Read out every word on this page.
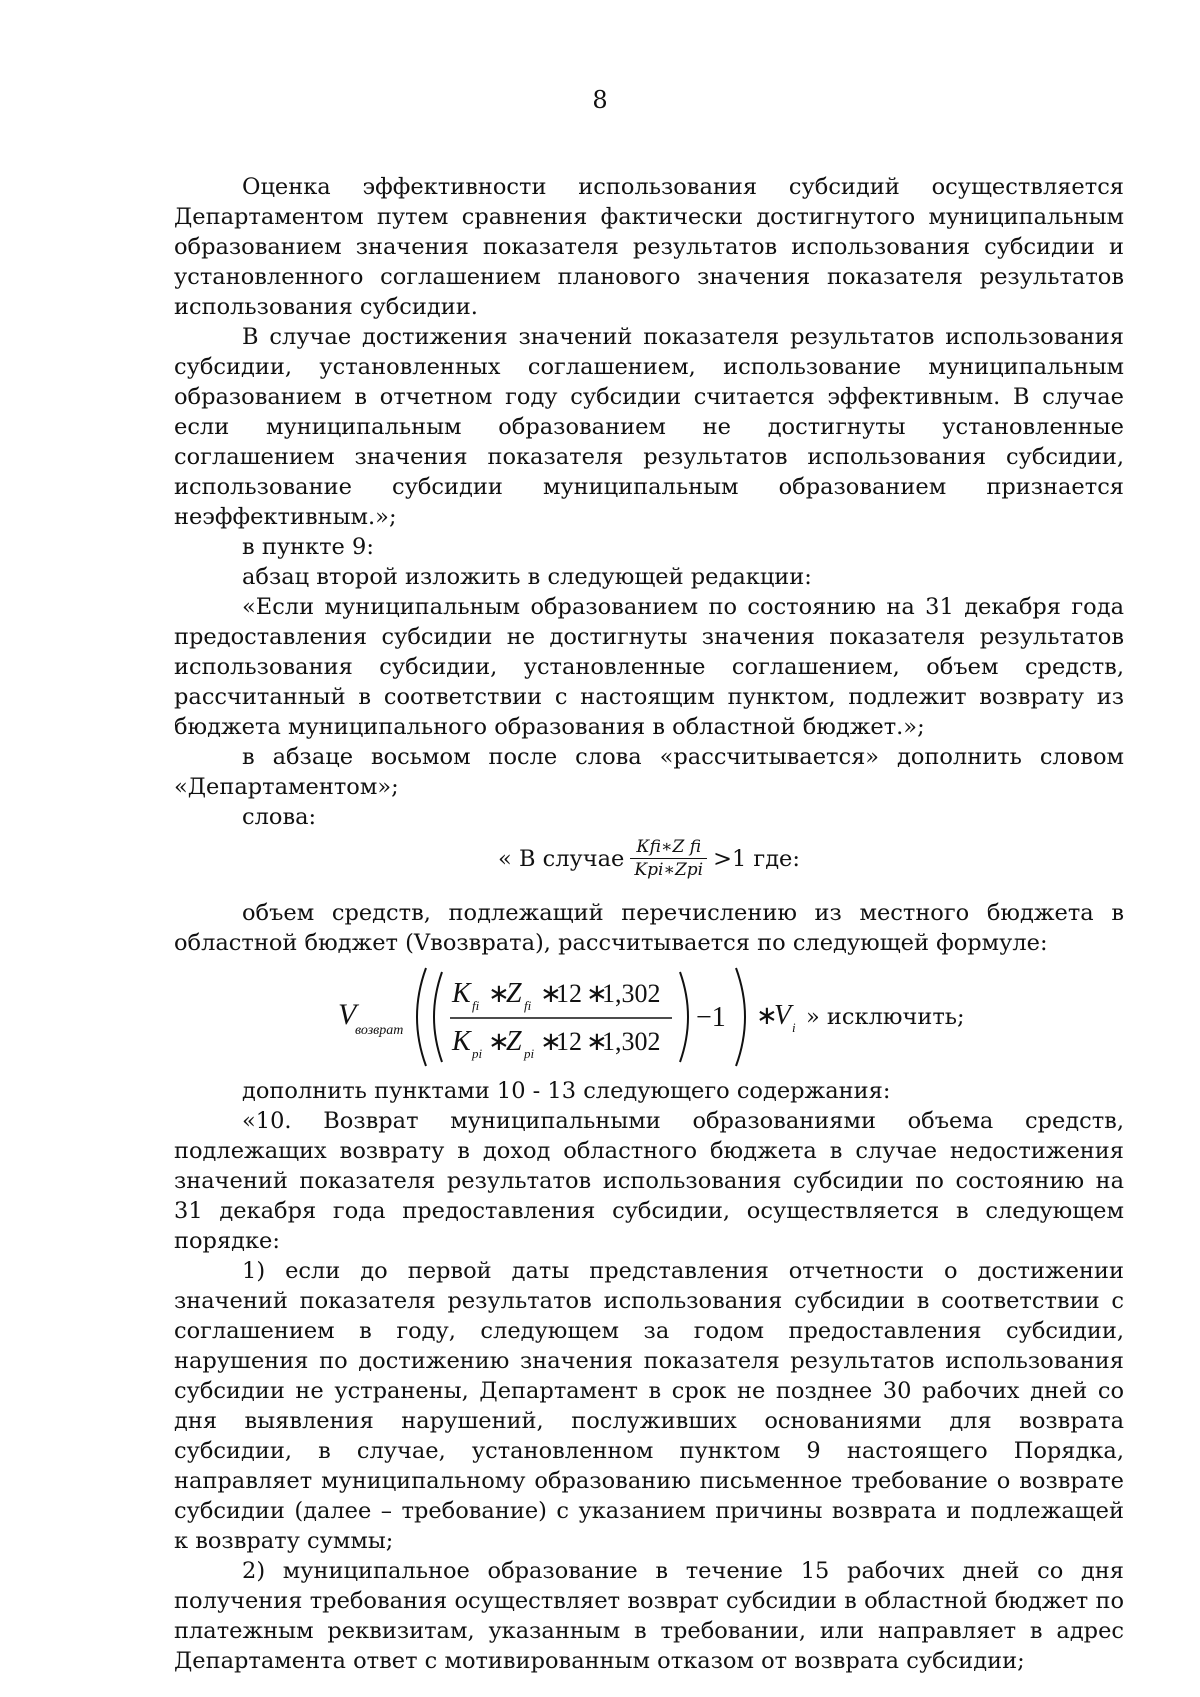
8

Оценка эффективности использования субсидий осуществляется Департаментом путем сравнения фактически достигнутого муниципальным образованием значения показателя результатов использования субсидии и установленного соглашением планового значения показателя результатов использования субсидии.

В случае достижения значений показателя результатов использования субсидии, установленных соглашением, использование муниципальным образованием в отчетном году субсидии считается эффективным. В случае если муниципальным образованием не достигнуты установленные соглашением значения показателя результатов использования субсидии, использование субсидии муниципальным образованием признается неэффективным.»;

в пункте 9:

абзац второй изложить в следующей редакции:

«Если муниципальным образованием по состоянию на 31 декабря года предоставления субсидии не достигнуты значения показателя результатов использования субсидии, установленные соглашением, объем средств, рассчитанный в соответствии с настоящим пунктом, подлежит возврату из бюджета муниципального образования в областной бюджет.»;

в абзаце восьмом после слова «рассчитывается» дополнить словом «Департаментом»;

слова:

« В случае $\frac{\text{Кfi∗Z fi}}{\text{Kpi∗Zpi}} >1$ где:

объем средств, подлежащий перечислению из местного бюджета в областной бюджет (Vвозврата), рассчитывается по следующей формуле:

V
возврат
K fi ∗
Z fi ∗
12 ∗
1,302
K pi ∗
Z pi ∗
12 ∗
1,302
−1 ∗
V i » исключить;

дополнить пунктами 10 - 13 следующего содержания:

«10. Возврат муниципальными образованиями объема средств, подлежащих возврату в доход областного бюджета в случае недостижения значений показателя результатов использования субсидии по состоянию на 31 декабря года предоставления субсидии, осуществляется в следующем порядке:

1) если до первой даты представления отчетности о достижении значений показателя результатов использования субсидии в соответствии с соглашением в году, следующем за годом предоставления субсидии, нарушения по достижению значения показателя результатов использования субсидии не устранены, Департамент в срок не позднее 30 рабочих дней со дня выявления нарушений, послуживших основаниями для возврата субсидии, в случае, установленном пунктом 9 настоящего Порядка, направляет муниципальному образованию письменное требование о возврате субсидии (далее – требование) с указанием причины возврата и подлежащей к возврату суммы;

2) муниципальное образование в течение 15 рабочих дней со дня получения требования осуществляет возврат субсидии в областной бюджет по платежным реквизитам, указанным в требовании, или направляет в адрес Департамента ответ с мотивированным отказом от возврата субсидии;
